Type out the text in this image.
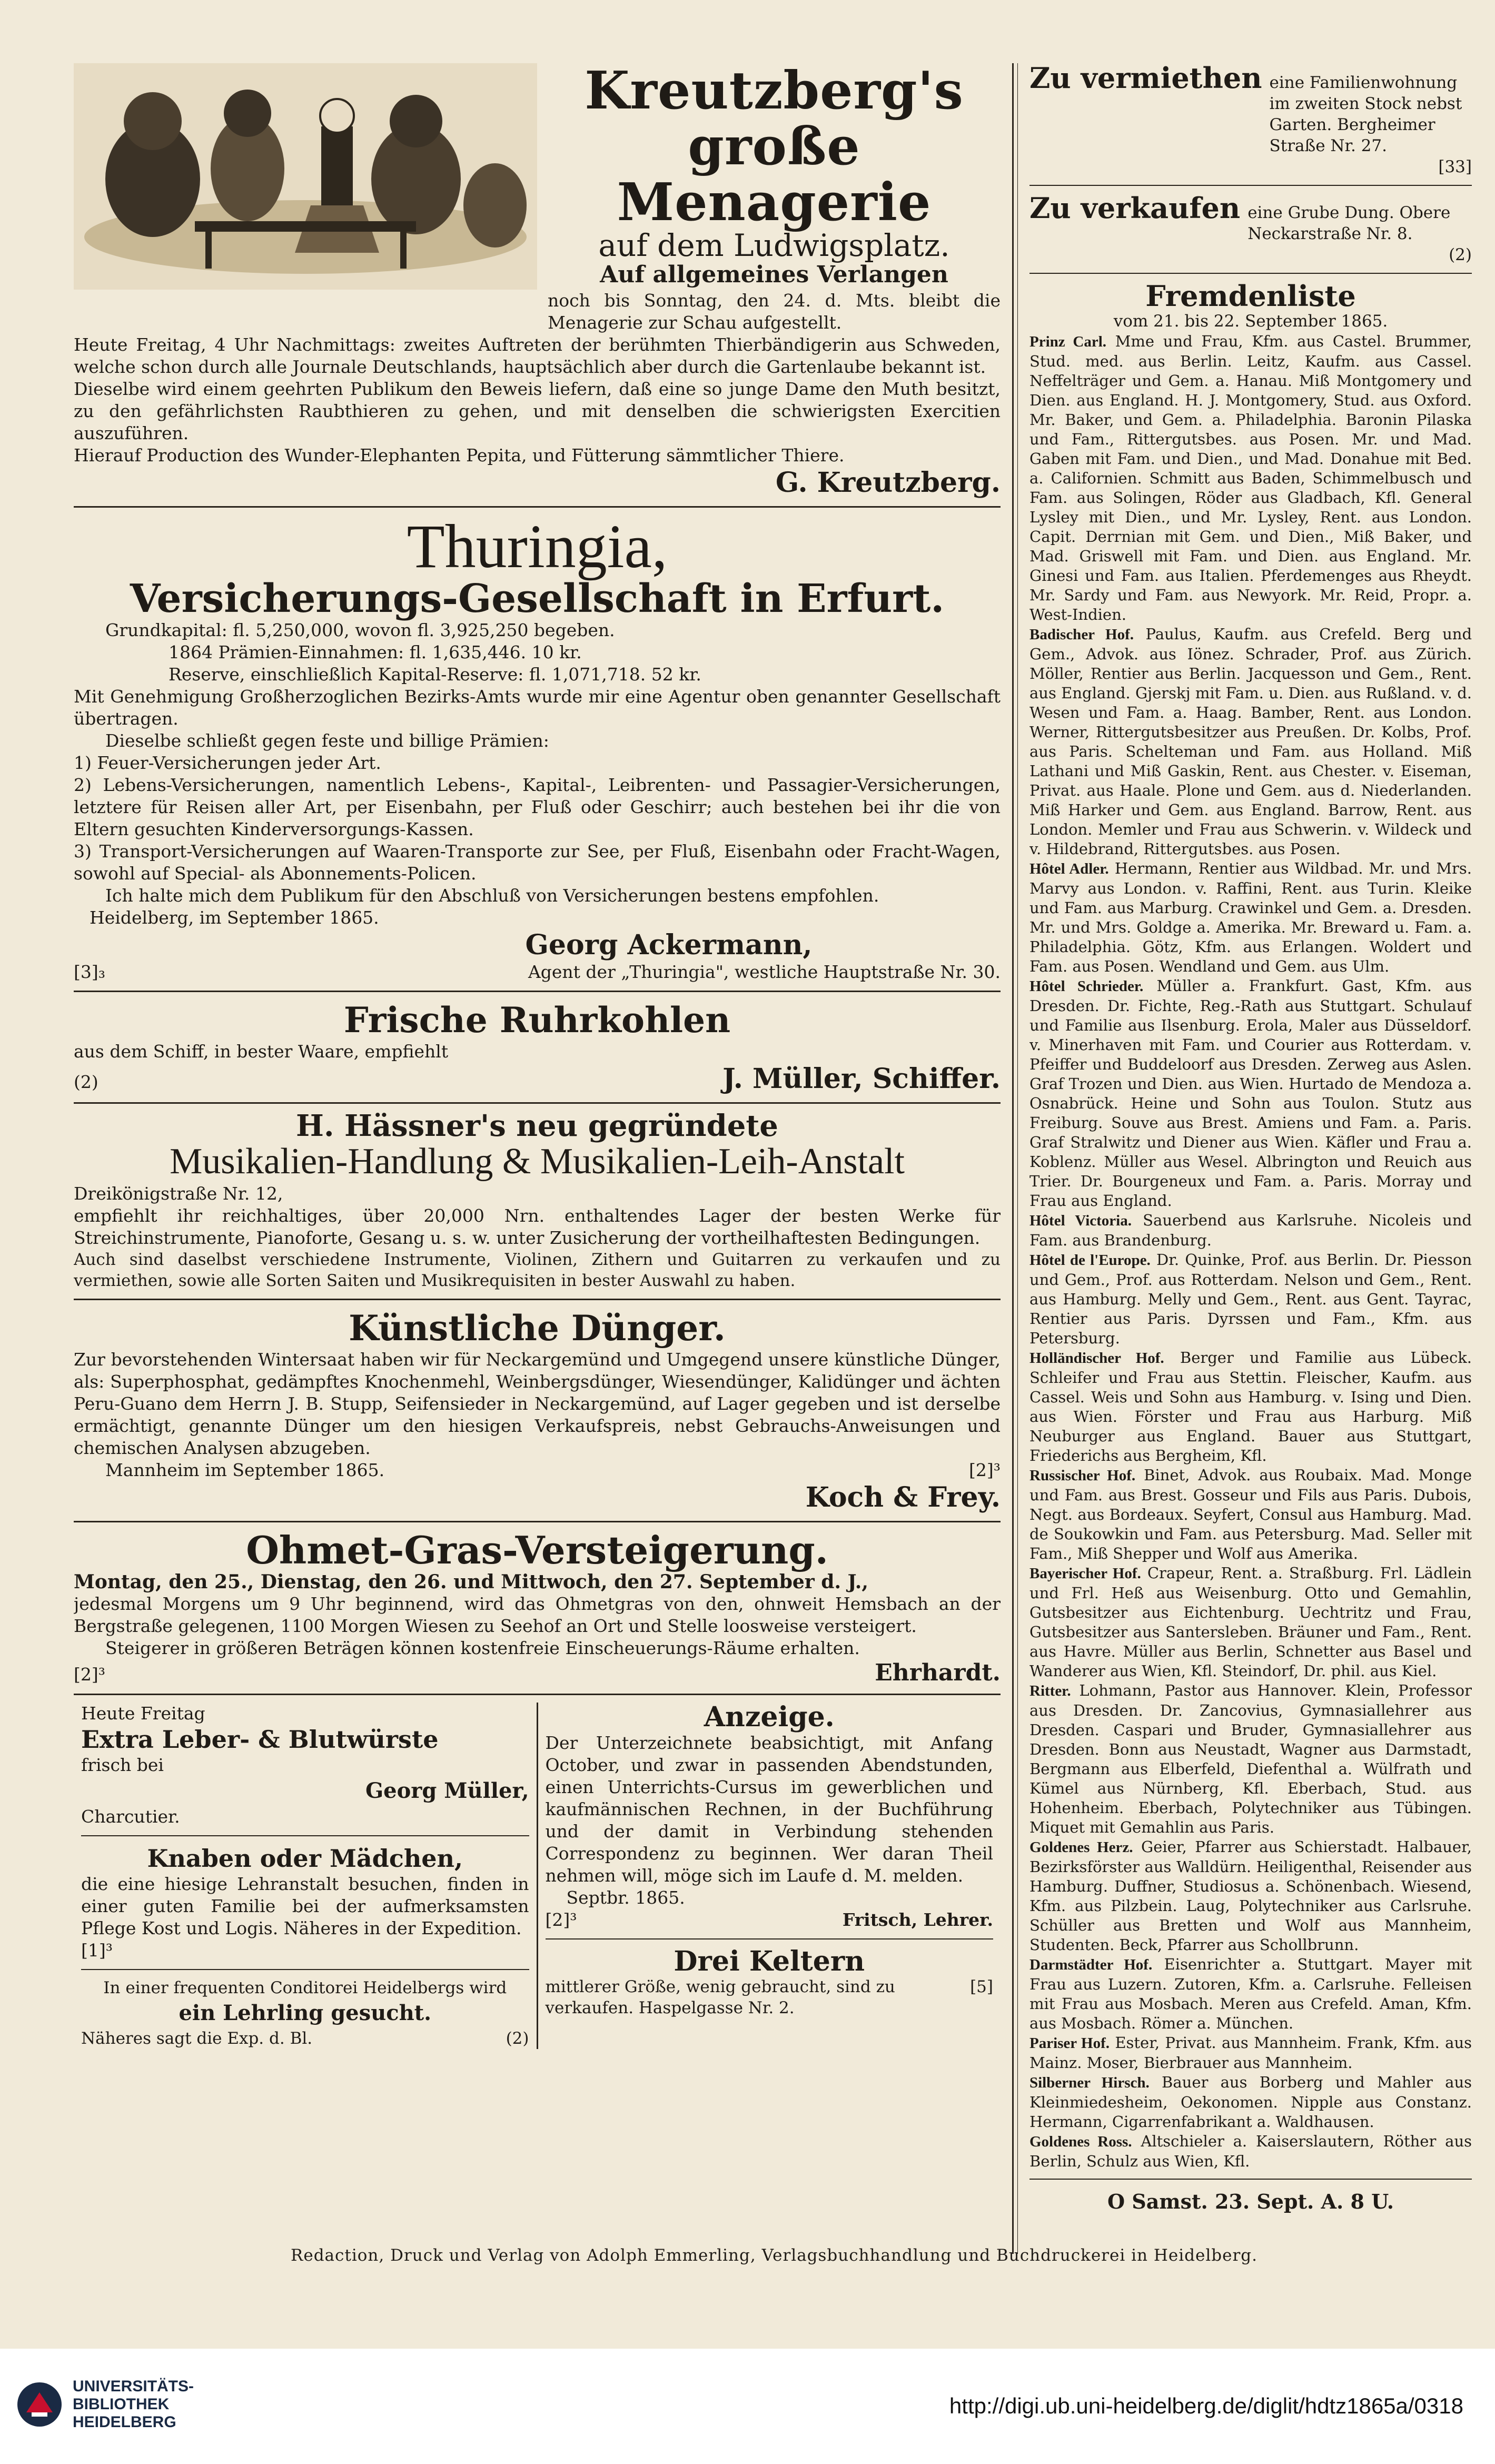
Kreutzberg's
große Menagerie
auf dem Ludwigsplatz.
Auf allgemeines Verlangen
noch bis Sonntag, den 24. d. Mts. bleibt die Menagerie zur Schau aufgestellt.
Heute Freitag, 4 Uhr Nachmittags: zweites Auftreten der berühmten Thierbändigerin aus Schweden, welche schon durch alle Journale Deutschlands, hauptsächlich aber durch die Gartenlaube bekannt ist.
Dieselbe wird einem geehrten Publikum den Beweis liefern, daß eine so junge Dame den Muth besitzt, zu den gefährlichsten Raubthieren zu gehen, und mit denselben die schwierigsten Exercitien auszuführen.
Hierauf Production des Wunder-Elephanten Pepita, und Fütterung sämmtlicher Thiere.
G. Kreutzberg.
Thuringia,
Versicherungs-Gesellschaft in Erfurt.
Grundkapital: fl. 5,250,000, wovon fl. 3,925,250 begeben.
1864 Prämien-Einnahmen: fl. 1,635,446. 10 kr.
Reserve, einschließlich Kapital-Reserve: fl. 1,071,718. 52 kr.
Mit Genehmigung Großherzoglichen Bezirks-Amts wurde mir eine Agentur oben genannter Gesellschaft übertragen.
Dieselbe schließt gegen feste und billige Prämien:
1) Feuer-Versicherungen jeder Art.
2) Lebens-Versicherungen, namentlich Lebens-, Kapital-, Leibrenten- und Passagier-Versicherungen, letztere für Reisen aller Art, per Eisenbahn, per Fluß oder Geschirr; auch bestehen bei ihr die von Eltern gesuchten Kinderversorgungs-Kassen.
3) Transport-Versicherungen auf Waaren-Transporte zur See, per Fluß, Eisenbahn oder Fracht-Wagen, sowohl auf Special- als Abonnements-Policen.
Ich halte mich dem Publikum für den Abschluß von Versicherungen bestens empfohlen.
Heidelberg, im September 1865.
Georg Ackermann,
[3]₃	Agent der „Thuringia", westliche Hauptstraße Nr. 30.
Frische Ruhrkohlen
aus dem Schiff, in bester Waare, empfiehlt
(2)	J. Müller, Schiffer.
H. Hässner's neu gegründete
Musikalien-Handlung & Musikalien-Leih-Anstalt
Dreikönigstraße Nr. 12,
empfiehlt ihr reichhaltiges, über 20,000 Nrn. enthaltendes Lager der besten Werke für Streichinstrumente, Pianoforte, Gesang u. s. w. unter Zusicherung der vortheilhaftesten Bedingungen.
Auch sind daselbst verschiedene Instrumente, Violinen, Zithern und Guitarren zu verkaufen und zu vermiethen, sowie alle Sorten Saiten und Musikrequisiten in bester Auswahl zu haben.
Künstliche Dünger.
Zur bevorstehenden Wintersaat haben wir für Neckargemünd und Umgegend unsere künstliche Dünger, als: Superphosphat, gedämpftes Knochenmehl, Weinbergsdünger, Wiesendünger, Kalidünger und ächten Peru-Guano dem Herrn J. B. Stupp, Seifensieder in Neckargemünd, auf Lager gegeben und ist derselbe ermächtigt, genannte Dünger um den hiesigen Verkaufspreis, nebst Gebrauchs-Anweisungen und chemischen Analysen abzugeben.
Mannheim im September 1865.	[2]³
Koch & Frey.
Ohmet-Gras-Versteigerung.
Montag, den 25., Dienstag, den 26. und Mittwoch, den 27. September d. J.,
jedesmal Morgens um 9 Uhr beginnend, wird das Ohmetgras von den, ohnweit Hemsbach an der Bergstraße gelegenen, 1100 Morgen Wiesen zu Seehof an Ort und Stelle loosweise versteigert.
Steigerer in größeren Beträgen können kostenfreie Einscheuerungs-Räume erhalten.
[2]³	Ehrhardt.
Heute Freitag
Extra Leber- & Blutwürste
frisch bei
Georg Müller,
Charcutier.
Knaben oder Mädchen,
die eine hiesige Lehranstalt besuchen, finden in einer guten Familie bei der aufmerksamsten Pflege Kost und Logis. Näheres in der Expedition.
[1]³
In einer frequenten Conditorei Heidelbergs wird
ein Lehrling gesucht.
Näheres sagt die Exp. d. Bl.	(2)
Anzeige.
Der Unterzeichnete beabsichtigt, mit Anfang October, und zwar in passenden Abendstunden, einen Unterrichts-Cursus im gewerblichen und kaufmännischen Rechnen, in der Buchführung und der damit in Verbindung stehenden Correspondenz zu beginnen. Wer daran Theil nehmen will, möge sich im Laufe d. M. melden.
Septbr. 1865.
[2]³	Fritsch, Lehrer.
Drei Keltern
mittlerer Größe, wenig gebraucht, sind zu verkaufen. Haspelgasse Nr. 2.
[5]
Zu vermiethen eine Familienwohnung im zweiten Stock nebst Garten. Bergheimer Straße Nr. 27.
[33]
Zu verkaufen eine Grube Dung. Obere Neckarstraße Nr. 8.
(2)
Fremdenliste
vom 21. bis 22. September 1865.
Prinz Carl. Mme und Frau, Kfm. aus Castel. Brummer, Stud. med. aus Berlin. Leitz, Kaufm. aus Cassel. Neffelträger und Gem. a. Hanau. Miß Montgomery und Dien. aus England. H. J. Montgomery, Stud. aus Oxford. Mr. Baker, und Gem. a. Philadelphia. Baronin Pilaska und Fam., Rittergutsbes. aus Posen. Mr. und Mad. Gaben mit Fam. und Dien., und Mad. Donahue mit Bed. a. Californien. Schmitt aus Baden, Schimmelbusch und Fam. aus Solingen, Röder aus Gladbach, Kfl. General Lysley mit Dien., und Mr. Lysley, Rent. aus London. Capit. Derrnian mit Gem. und Dien., Miß Baker, und Mad. Griswell mit Fam. und Dien. aus England. Mr. Ginesi und Fam. aus Italien. Pferdemenges aus Rheydt. Mr. Sardy und Fam. aus Newyork. Mr. Reid, Propr. a. West-Indien.
Badischer Hof. Paulus, Kaufm. aus Crefeld. Berg und Gem., Advok. aus Iönez. Schrader, Prof. aus Zürich. Möller, Rentier aus Berlin. Jacquesson und Gem., Rent. aus England. Gjerskj mit Fam. u. Dien. aus Rußland. v. d. Wesen und Fam. a. Haag. Bamber, Rent. aus London. Werner, Rittergutsbesitzer aus Preußen. Dr. Kolbs, Prof. aus Paris. Schelteman und Fam. aus Holland. Miß Lathani und Miß Gaskin, Rent. aus Chester. v. Eiseman, Privat. aus Haale. Plone und Gem. aus d. Niederlanden. Miß Harker und Gem. aus England. Barrow, Rent. aus London. Memler und Frau aus Schwerin. v. Wildeck und v. Hildebrand, Rittergutsbes. aus Posen.
Hôtel Adler. Hermann, Rentier aus Wildbad. Mr. und Mrs. Marvy aus London. v. Raffini, Rent. aus Turin. Kleike und Fam. aus Marburg. Crawinkel und Gem. a. Dresden. Mr. und Mrs. Goldge a. Amerika. Mr. Breward u. Fam. a. Philadelphia. Götz, Kfm. aus Erlangen. Woldert und Fam. aus Posen. Wendland und Gem. aus Ulm.
Hôtel Schrieder. Müller a. Frankfurt. Gast, Kfm. aus Dresden. Dr. Fichte, Reg.-Rath aus Stuttgart. Schulauf und Familie aus Ilsenburg. Erola, Maler aus Düsseldorf. v. Minerhaven mit Fam. und Courier aus Rotterdam. v. Pfeiffer und Buddeloorf aus Dresden. Zerweg aus Aslen. Graf Trozen und Dien. aus Wien. Hurtado de Mendoza a. Osnabrück. Heine und Sohn aus Toulon. Stutz aus Freiburg. Souve aus Brest. Amiens und Fam. a. Paris. Graf Stralwitz und Diener aus Wien. Käfler und Frau a. Koblenz. Müller aus Wesel. Albrington und Reuich aus Trier. Dr. Bourgeneux und Fam. a. Paris. Morray und Frau aus England.
Hôtel Victoria. Sauerbend aus Karlsruhe. Nicoleis und Fam. aus Brandenburg.
Hôtel de l'Europe. Dr. Quinke, Prof. aus Berlin. Dr. Piesson und Gem., Prof. aus Rotterdam. Nelson und Gem., Rent. aus Hamburg. Melly und Gem., Rent. aus Gent. Tayrac, Rentier aus Paris. Dyrssen und Fam., Kfm. aus Petersburg.
Holländischer Hof. Berger und Familie aus Lübeck. Schleifer und Frau aus Stettin. Fleischer, Kaufm. aus Cassel. Weis und Sohn aus Hamburg. v. Ising und Dien. aus Wien. Förster und Frau aus Harburg. Miß Neuburger aus England. Bauer aus Stuttgart, Friederichs aus Bergheim, Kfl.
Russischer Hof. Binet, Advok. aus Roubaix. Mad. Monge und Fam. aus Brest. Gosseur und Fils aus Paris. Dubois, Negt. aus Bordeaux. Seyfert, Consul aus Hamburg. Mad. de Soukowkin und Fam. aus Petersburg. Mad. Seller mit Fam., Miß Shepper und Wolf aus Amerika.
Bayerischer Hof. Crapeur, Rent. a. Straßburg. Frl. Lädlein und Frl. Heß aus Weisenburg. Otto und Gemahlin, Gutsbesitzer aus Eichtenburg. Uechtritz und Frau, Gutsbesitzer aus Santersleben. Bräuner und Fam., Rent. aus Havre. Müller aus Berlin, Schnetter aus Basel und Wanderer aus Wien, Kfl. Steindorf, Dr. phil. aus Kiel.
Ritter. Lohmann, Pastor aus Hannover. Klein, Professor aus Dresden. Dr. Zancovius, Gymnasiallehrer aus Dresden. Caspari und Bruder, Gymnasiallehrer aus Dresden. Bonn aus Neustadt, Wagner aus Darmstadt, Bergmann aus Elberfeld, Diefenthal a. Wülfrath und Kümel aus Nürnberg, Kfl. Eberbach, Stud. aus Hohenheim. Eberbach, Polytechniker aus Tübingen. Miquet mit Gemahlin aus Paris.
Goldenes Herz. Geier, Pfarrer aus Schierstadt. Halbauer, Bezirksförster aus Walldürn. Heiligenthal, Reisender aus Hamburg. Duffner, Studiosus a. Schönenbach. Wiesend, Kfm. aus Pilzbein. Laug, Polytechniker aus Carlsruhe. Schüller aus Bretten und Wolf aus Mannheim, Studenten. Beck, Pfarrer aus Schollbrunn.
Darmstädter Hof. Eisenrichter a. Stuttgart. Mayer mit Frau aus Luzern. Zutoren, Kfm. a. Carlsruhe. Felleisen mit Frau aus Mosbach. Meren aus Crefeld. Aman, Kfm. aus Mosbach. Römer a. München.
Pariser Hof. Ester, Privat. aus Mannheim. Frank, Kfm. aus Mainz. Moser, Bierbrauer aus Mannheim.
Silberner Hirsch. Bauer aus Borberg und Mahler aus Kleinmiedesheim, Oekonomen. Nipple aus Constanz. Hermann, Cigarrenfabrikant a. Waldhausen.
Goldenes Ross. Altschieler a. Kaiserslautern, Röther aus Berlin, Schulz aus Wien, Kfl.
O Samst. 23. Sept. A. 8 U.
Redaction, Druck und Verlag von Adolph Emmerling, Verlagsbuchhandlung und Buchdruckerei in Heidelberg.
UNIVERSITÄTS-
BIBLIOTHEK
HEIDELBERG
http://digi.ub.uni-heidelberg.de/diglit/hdtz1865a/0318
